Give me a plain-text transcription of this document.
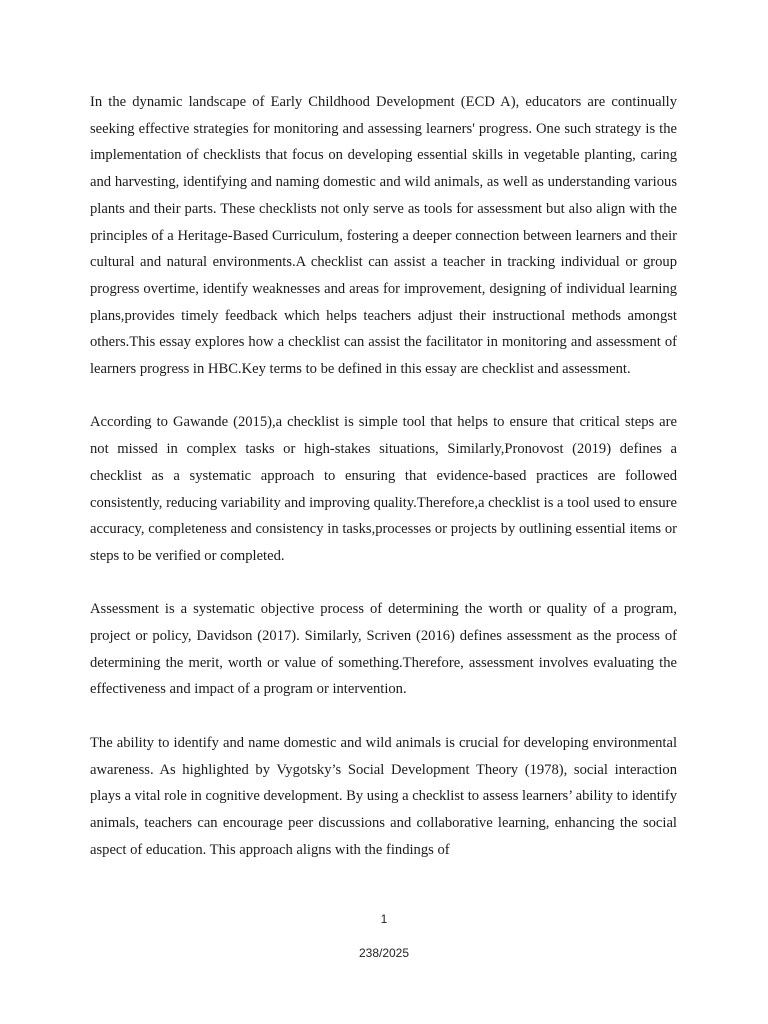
In the dynamic landscape of Early Childhood Development (ECD A), educators are continually seeking effective strategies for monitoring and assessing learners' progress. One such strategy is the implementation of checklists that focus on developing essential skills in vegetable planting, caring and harvesting, identifying and naming domestic and wild animals, as well as understanding various plants and their parts. These checklists not only serve as tools for assessment but also align with the principles of a Heritage-Based Curriculum, fostering a deeper connection between learners and their cultural and natural environments.A checklist can assist a teacher in tracking individual or group progress overtime, identify weaknesses and areas for improvement, designing of individual learning plans,provides timely feedback which helps teachers adjust their instructional methods amongst others.This essay explores how a checklist can assist the facilitator in monitoring and assessment of learners progress in HBC.Key terms to be defined in this essay are checklist and assessment.

According to Gawande (2015),a checklist is simple tool that helps to ensure that critical steps are not missed in complex tasks or high-stakes situations, Similarly,Pronovost (2019) defines a checklist as a systematic approach to ensuring that evidence-based practices are followed consistently, reducing variability and improving quality.Therefore,a checklist is a tool used to ensure accuracy, completeness and consistency in tasks,processes or projects by outlining essential items or steps to be verified or completed.

Assessment is a systematic objective process of determining the worth or quality of a program, project or policy, Davidson (2017). Similarly, Scriven (2016) defines assessment as the process of determining the merit, worth or value of something.Therefore, assessment involves evaluating the effectiveness and impact of a program or intervention.

The ability to identify and name domestic and wild animals is crucial for developing environmental awareness. As highlighted by Vygotsky’s Social Development Theory (1978), social interaction plays a vital role in cognitive development. By using a checklist to assess learners’ ability to identify animals, teachers can encourage peer discussions and collaborative learning, enhancing the social aspect of education. This approach aligns with the findings of

1
238/2025
